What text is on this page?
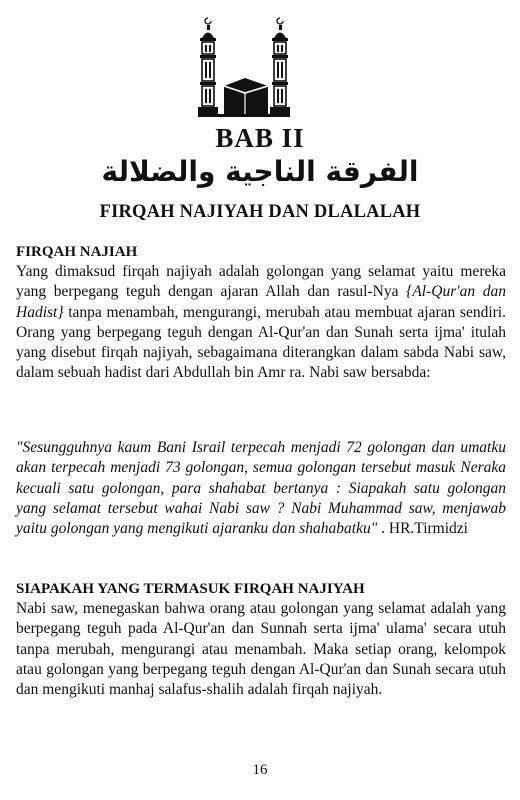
BAB II
الفرقة الناجية والضلالة
FIRQAH NAJIYAH DAN DLALALAH

FIRQAH NAJIAH

Yang dimaksud firqah najiyah adalah golongan yang selamat yaitu mereka yang berpegang teguh dengan ajaran Allah dan rasul-Nya {Al-Qur'an dan Hadist} tanpa menambah, mengurangi, merubah atau membuat ajaran sendiri. Orang yang berpegang teguh dengan Al-Qur'an dan Sunah serta ijma' itulah yang disebut firqah najiyah, sebagaimana diterangkan dalam sabda Nabi saw, dalam sebuah hadist dari Abdullah bin Amr ra. Nabi saw bersabda:

"Sesungguhnya kaum Bani Israil terpecah menjadi 72 golongan dan umatku akan terpecah menjadi 73 golongan, semua golongan tersebut masuk Neraka kecuali satu golongan, para shahabat bertanya : Siapakah satu golongan yang selamat tersebut wahai Nabi saw ? Nabi Muhammad saw, menjawab yaitu golongan yang mengikuti ajaranku dan shahabatku" . HR.Tirmidzi

SIAPAKAH YANG TERMASUK FIRQAH NAJIYAH

Nabi saw, menegaskan bahwa orang atau golongan yang selamat adalah yang berpegang teguh pada Al-Qur'an dan Sunnah serta ijma' ulama' secara utuh tanpa merubah, mengurangi atau menambah. Maka setiap orang, kelompok atau golongan yang berpegang teguh dengan Al-Qur'an dan Sunah secara utuh dan mengikuti manhaj salafus-shalih adalah firqah najiyah.

16
